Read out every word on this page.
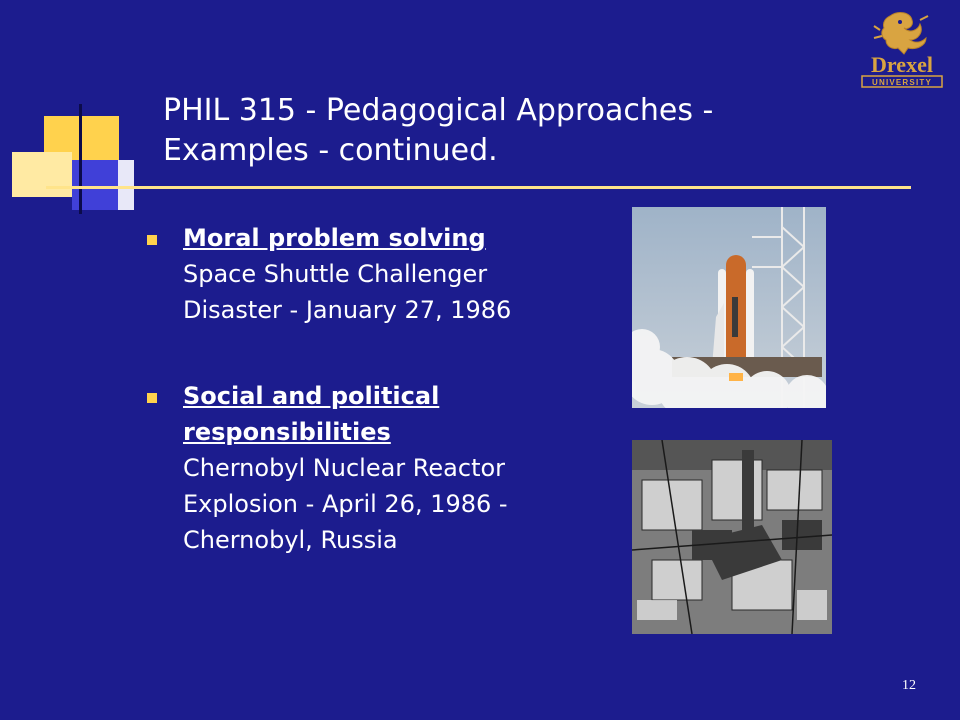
PHIL 315 - Pedagogical Approaches - Examples - continued.
Drexel
UNIVERSITY
Moral problem solving
Space Shuttle Challenger Disaster - January 27, 1986
Social and political responsibilities
Chernobyl Nuclear Reactor Explosion - April 26, 1986 - Chernobyl, Russia
12
